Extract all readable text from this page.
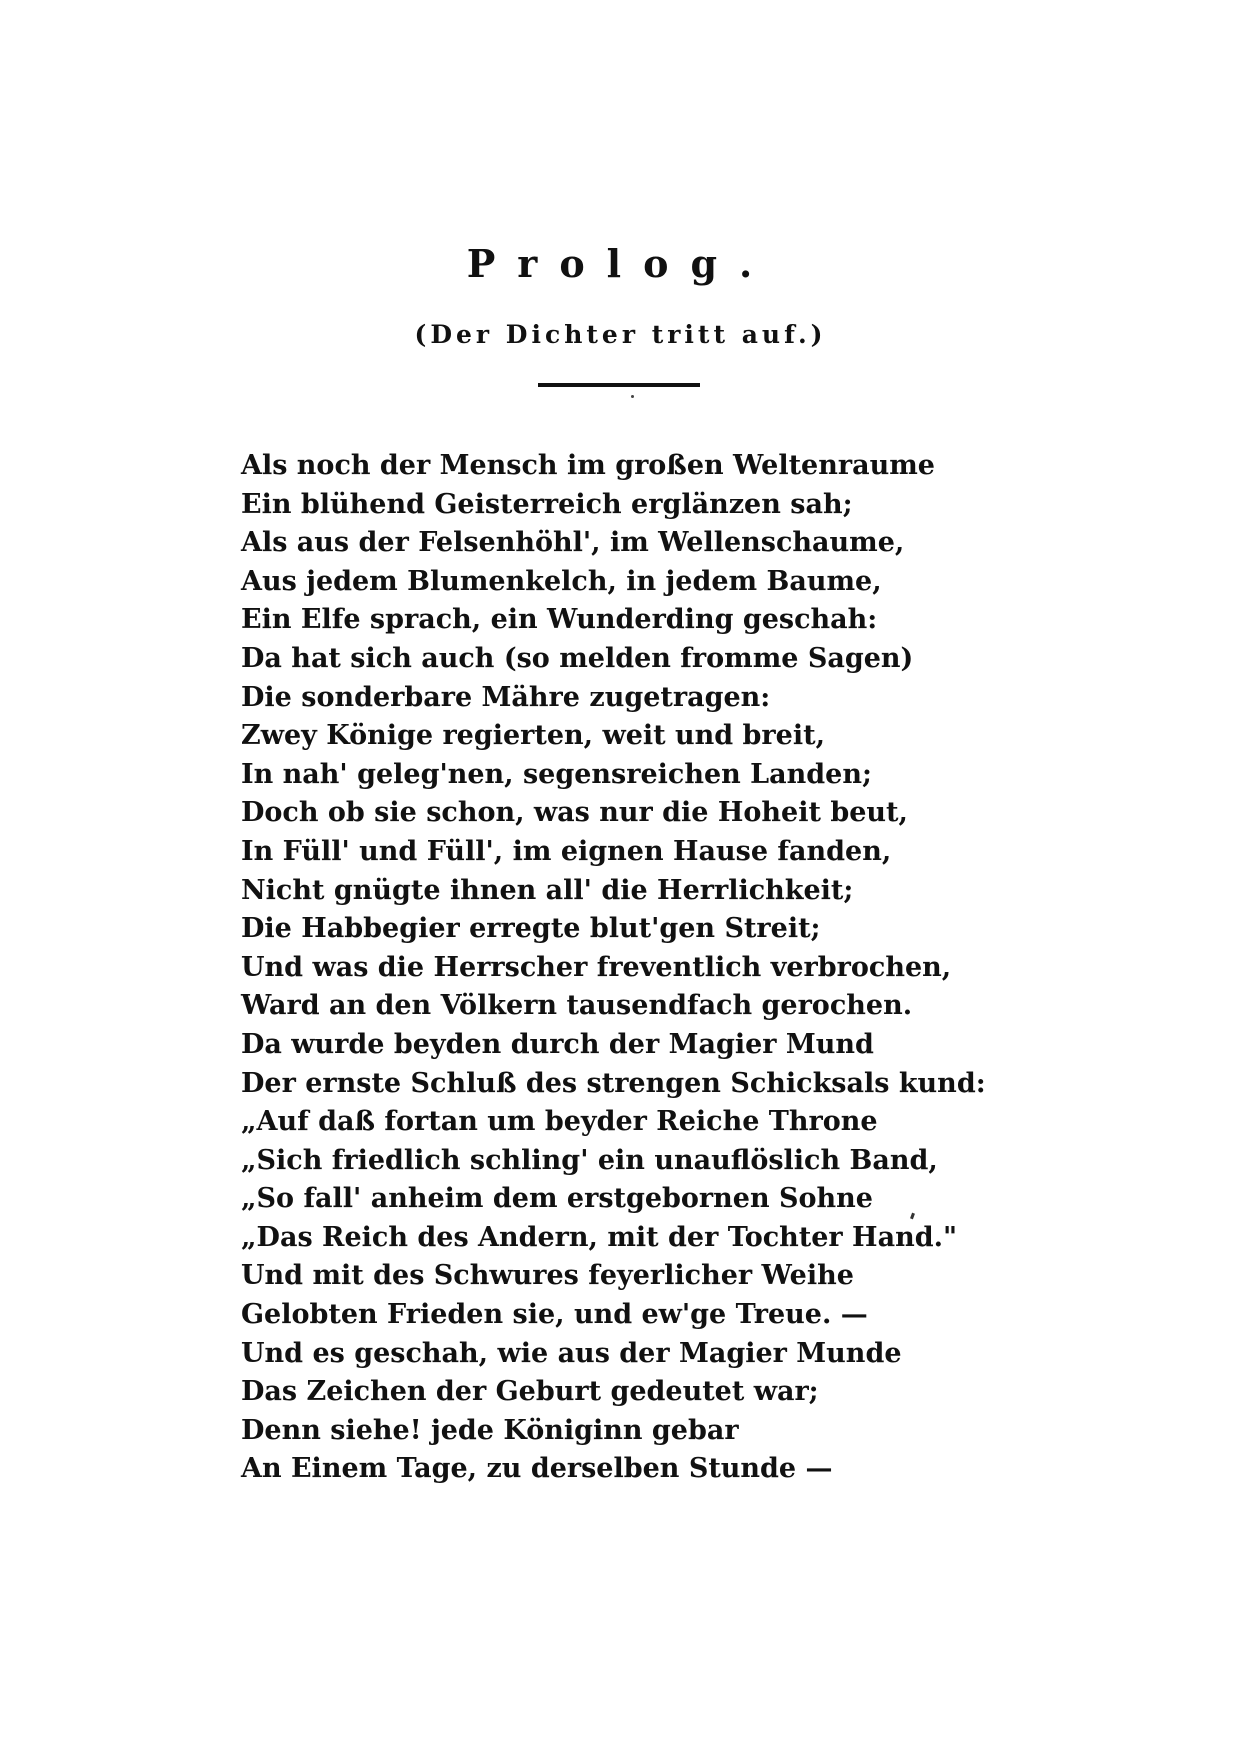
Prolog.
(Der Dichter tritt auf.)
Als noch der Mensch im großen Weltenraume
Ein blühend Geisterreich erglänzen sah;
Als aus der Felsenhöhl', im Wellenschaume,
Aus jedem Blumenkelch, in jedem Baume,
Ein Elfe sprach, ein Wunderding geschah:
Da hat sich auch (so melden fromme Sagen)
Die sonderbare Mähre zugetragen:
Zwey Könige regierten, weit und breit,
In nah' geleg'nen, segensreichen Landen;
Doch ob sie schon, was nur die Hoheit beut,
In Füll' und Füll', im eignen Hause fanden,
Nicht gnügte ihnen all' die Herrlichkeit;
Die Habbegier erregte blut'gen Streit;
Und was die Herrscher freventlich verbrochen,
Ward an den Völkern tausendfach gerochen.
Da wurde beyden durch der Magier Mund
Der ernste Schluß des strengen Schicksals kund:
„Auf daß fortan um beyder Reiche Throne
„Sich friedlich schling' ein unauflöslich Band,
„So fall' anheim dem erstgebornen Sohne
„Das Reich des Andern, mit der Tochter Hand."
Und mit des Schwures feyerlicher Weihe
Gelobten Frieden sie, und ew'ge Treue. —
Und es geschah, wie aus der Magier Munde
Das Zeichen der Geburt gedeutet war;
Denn siehe! jede Königinn gebar
An Einem Tage, zu derselben Stunde —
